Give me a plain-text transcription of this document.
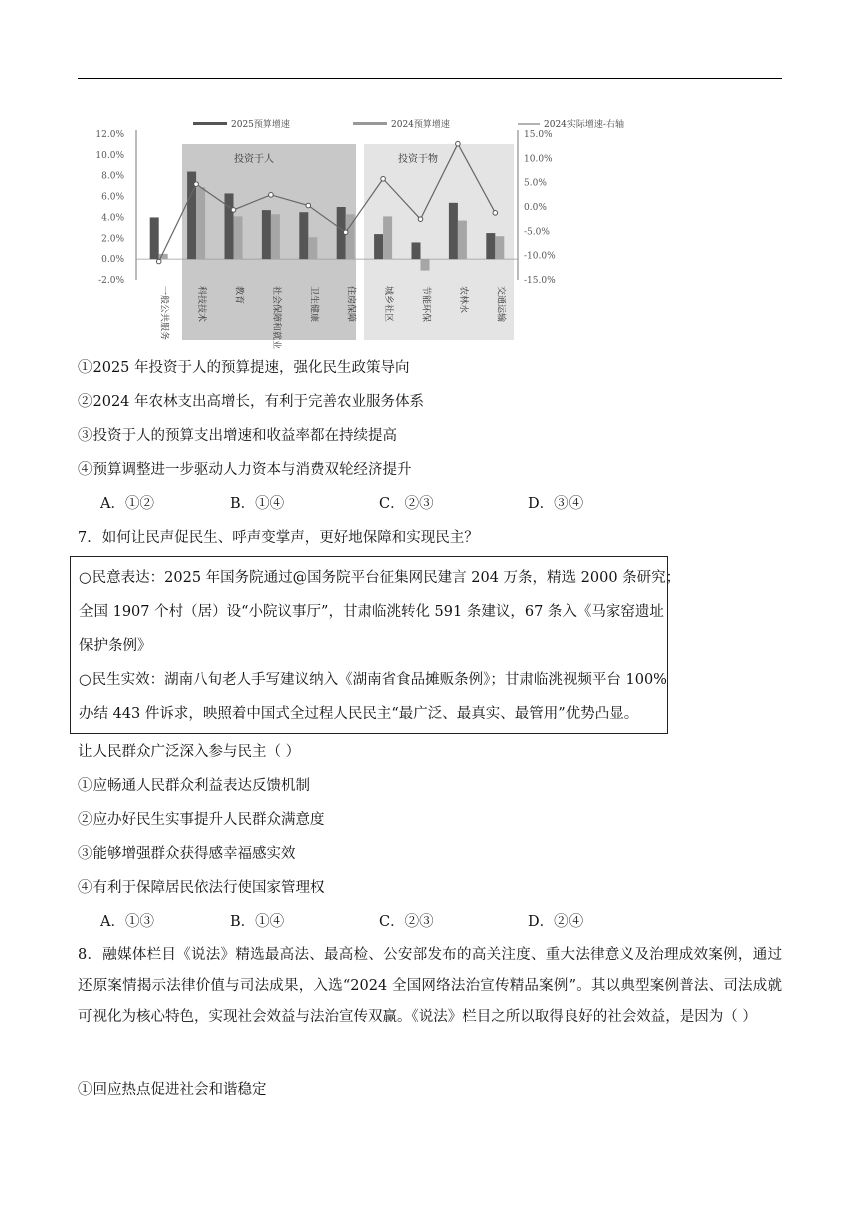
投资于人	投资于物
2025预算增速	2024预算增速	2024实际增速-右轴
12.0%
10.0%
8.0%
6.0%
4.0%
2.0%
0.0%
-2.0%
15.0%
10.0%
5.0%
0.0%
-5.0%
-10.0%
-15.0%
一般公共服务	科技技术	教育	社会保障和就业	卫生健康	住房保障	城乡社区	节能环保	农林水	交通运输
①2025 年投资于人的预算提速，强化民生政策导向
②2024 年农林支出高增长，有利于完善农业服务体系
③投资于人的预算支出增速和收益率都在持续提高
④预算调整进一步驱动人力资本与消费双轮经济提升
A．①②	B．①④	C．②③	D．③④
7．如何让民声促民生、呼声变掌声，更好地保障和实现民主？
○民意表达：2025 年国务院通过@国务院平台征集网民建言 204 万条，精选 2000 条研究；
全国 1907 个村（居）设“小院议事厅”，甘肃临洮转化 591 条建议，67 条入《马家窑遗址
保护条例》
○民生实效：湖南八旬老人手写建议纳入《湖南省食品摊贩条例》；甘肃临洮视频平台 100%
办结 443 件诉求，映照着中国式全过程人民民主“最广泛、最真实、最管用”优势凸显。
让人民群众广泛深入参与民主（ ）
①应畅通人民群众利益表达反馈机制
②应办好民生实事提升人民群众满意度
③能够增强群众获得感幸福感实效
④有利于保障居民依法行使国家管理权
A．①③	B．①④	C．②③	D．②④
8．融媒体栏目《说法》精选最高法、最高检、公安部发布的高关注度、重大法律意义及治理成效案例，通过还原案情揭示法律价值与司法成果，入选“2024 全国网络法治宣传精品案例”。其以典型案例普法、司法成就可视化为核心特色，实现社会效益与法治宣传双赢。《说法》栏目之所以取得良好的社会效益，是因为（ ）
①回应热点促进社会和谐稳定
